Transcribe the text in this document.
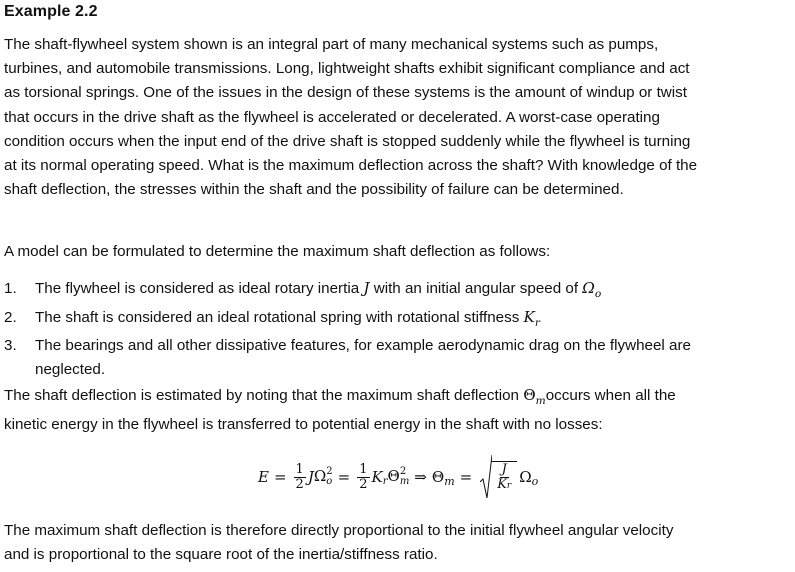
Example 2.2
The shaft-flywheel system shown is an integral part of many mechanical systems such as pumps,
turbines, and automobile transmissions. Long, lightweight shafts exhibit significant compliance and act
as torsional springs. One of the issues in the design of these systems is the amount of windup or twist
that occurs in the drive shaft as the flywheel is accelerated or decelerated. A worst-case operating
condition occurs when the input end of the drive shaft is stopped suddenly while the flywheel is turning
at its normal operating speed. What is the maximum deflection across the shaft? With knowledge of the
shaft deflection, the stresses within the shaft and the possibility of failure can be determined.
A model can be formulated to determine the maximum shaft deflection as follows:
1. The flywheel is considered as ideal rotary inertia J with an initial angular speed of $\Omega_o$
2. The shaft is considered an ideal rotational spring with rotational stiffness $K_r$
3. The bearings and all other dissipative features, for example aerodynamic drag on the flywheel are
neglected.
The shaft deflection is estimated by noting that the maximum shaft deflection $\Theta_moccurs$ when all the
kinetic energy in the flywheel is transferred to potential energy in the shaft with no losses:
$E = \frac{1}{2}$ J Ω 2
$o = \frac{1}{2}$ K r Θ 2
m ⇒ Θ $m = \frac{J}{Kr}$ Ω o
The maximum shaft deflection is therefore directly proportional to the initial flywheel angular velocity
and is proportional to the square root of the inertia/stiffness ratio.
